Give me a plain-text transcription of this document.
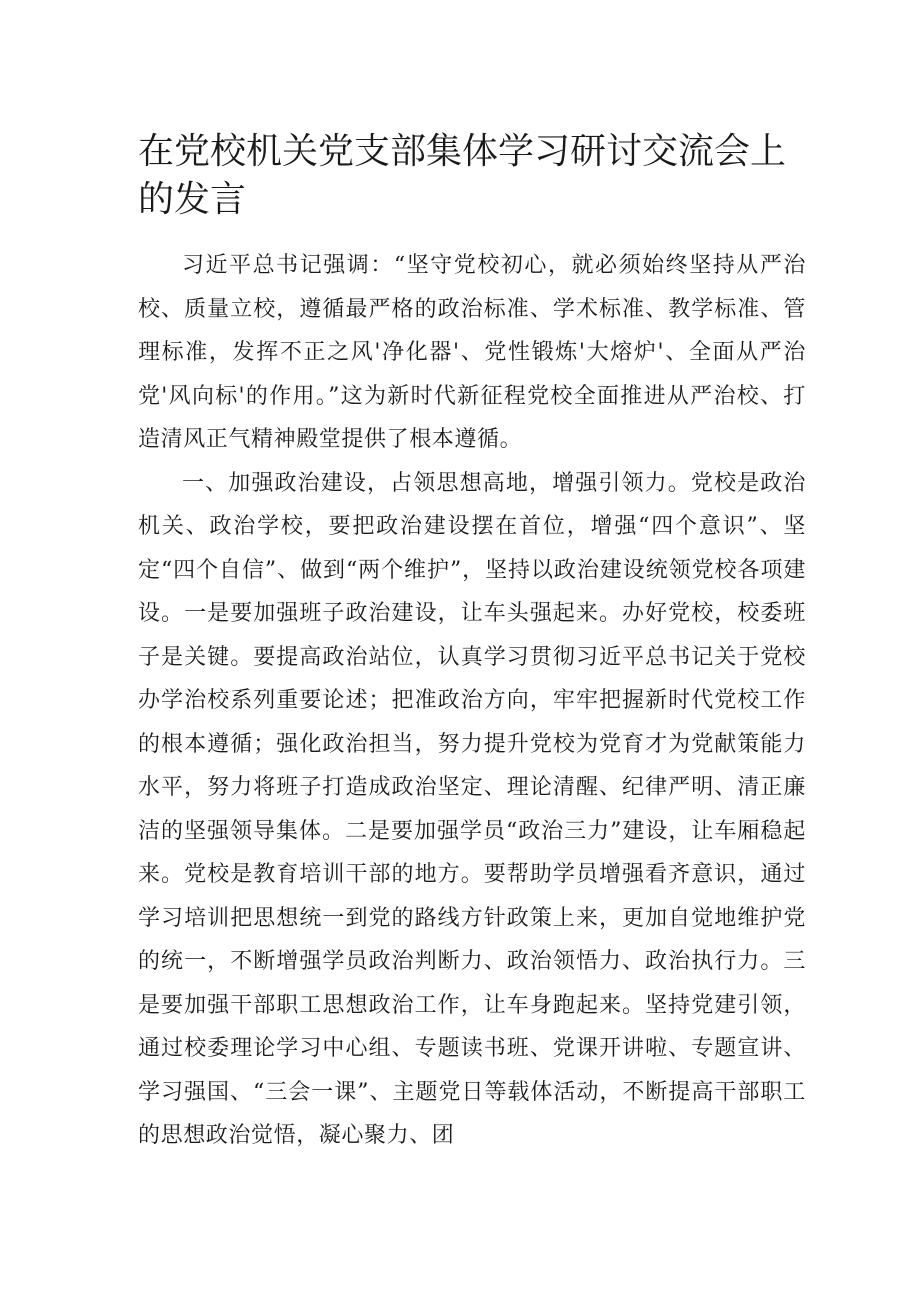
在党校机关党支部集体学习研讨交流会上的发言

习近平总书记强调：“坚守党校初心，就必须始终坚持从严治校、质量立校，遵循最严格的政治标准、学术标准、教学标准、管理标准，发挥不正之风'净化器'、党性锻炼'大熔炉'、全面从严治党'风向标'的作用。”这为新时代新征程党校全面推进从严治校、打造清风正气精神殿堂提供了根本遵循。

一、加强政治建设，占领思想高地，增强引领力。党校是政治机关、政治学校，要把政治建设摆在首位，增强“四个意识”、坚定“四个自信”、做到“两个维护”，坚持以政治建设统领党校各项建设。一是要加强班子政治建设，让车头强起来。办好党校，校委班子是关键。要提高政治站位，认真学习贯彻习近平总书记关于党校办学治校系列重要论述；把准政治方向，牢牢把握新时代党校工作的根本遵循；强化政治担当，努力提升党校为党育才为党献策能力水平，努力将班子打造成政治坚定、理论清醒、纪律严明、清正廉洁的坚强领导集体。二是要加强学员“政治三力”建设，让车厢稳起来。党校是教育培训干部的地方。要帮助学员增强看齐意识，通过学习培训把思想统一到党的路线方针政策上来，更加自觉地维护党的统一，不断增强学员政治判断力、政治领悟力、政治执行力。三是要加强干部职工思想政治工作，让车身跑起来。坚持党建引领，通过校委理论学习中心组、专题读书班、党课开讲啦、专题宣讲、学习强国、“三会一课”、主题党日等载体活动，不断提高干部职工的思想政治觉悟，凝心聚力、团
